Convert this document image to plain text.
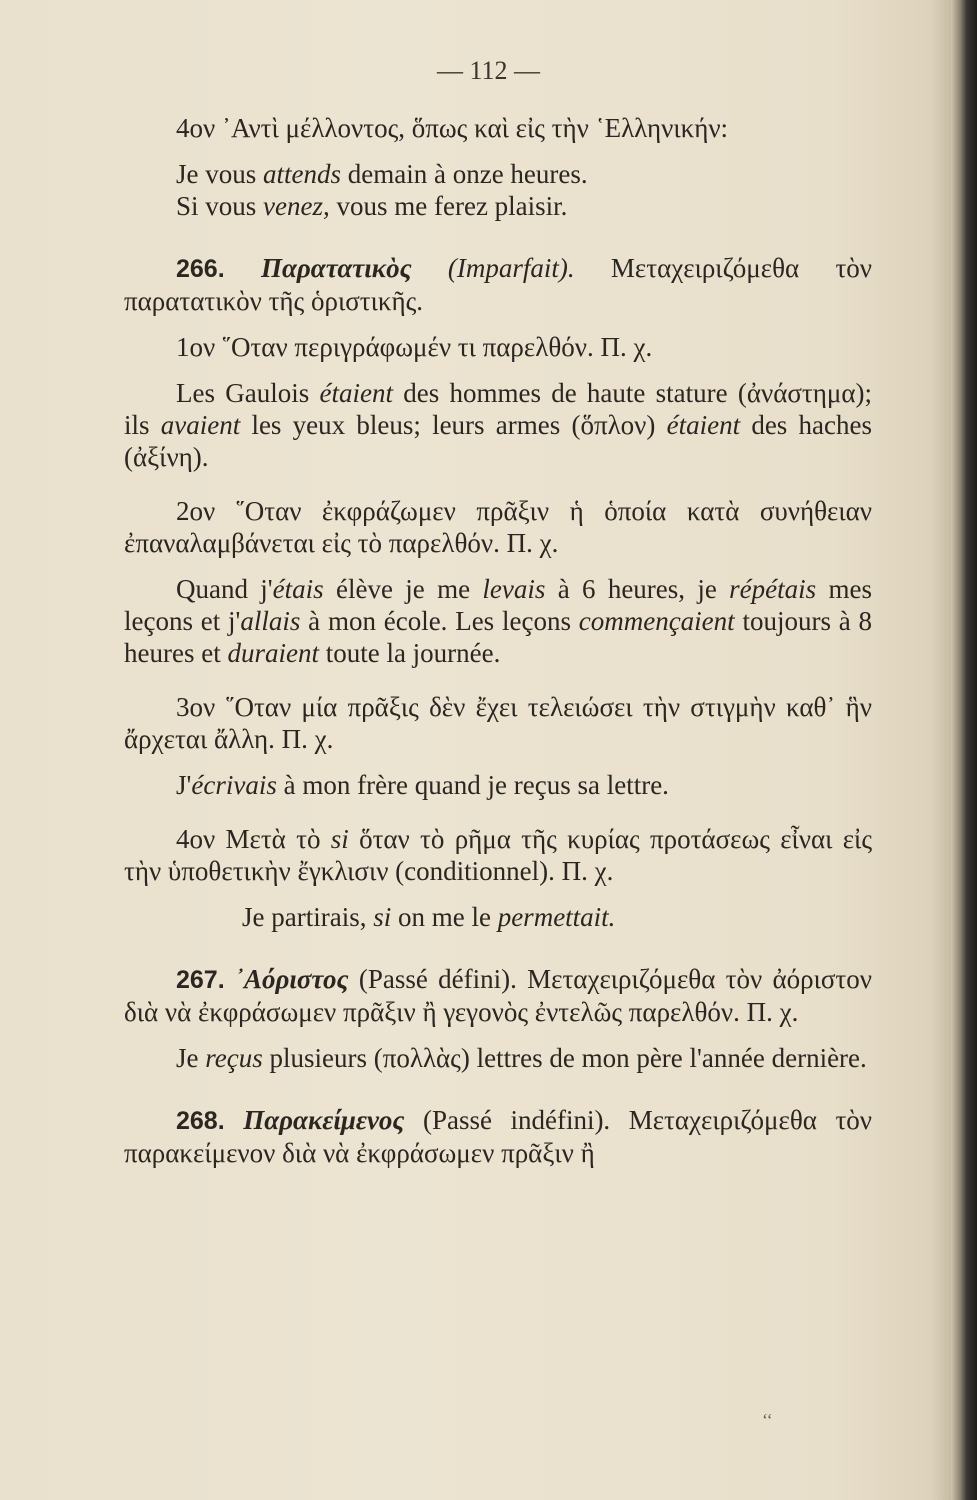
— 112 —

4ον ᾽Αντὶ μέλλοντος, ὅπως καὶ εἰς τὴν ῾Ελληνικήν:

Je vous attends demain à onze heures.

Si vous venez, vous me ferez plaisir.

266. Παρατατικὸς (Imparfait). Μεταχειριζόμεθα τὸν παρατατικὸν τῆς ὁριστικῆς.

1ον ῞Οταν περιγράφωμέν τι παρελθόν. Π. χ.

Les Gaulois étaient des hommes de haute stature (ἀνάστημα); ils avaient les yeux bleus; leurs armes (ὅπλον) étaient des haches (ἀξίνη).

2ον ῞Οταν ἐκφράζωμεν πρᾶξιν ἡ ὁποία κατὰ συνήθειαν ἐπαναλαμβάνεται εἰς τὸ παρελθόν. Π. χ.

Quand j'étais élève je me levais à 6 heures, je répétais mes leçons et j'allais à mon école. Les leçons commençaient toujours à 8 heures et duraient toute la journée.

3ον ῞Οταν μία πρᾶξις δὲν ἔχει τελειώσει τὴν στιγμὴν καθ᾽ ἣν ἄρχεται ἄλλη. Π. χ.

J'écrivais à mon frère quand je reçus sa lettre.

4ον Μετὰ τὸ si ὅταν τὸ ρῆμα τῆς κυρίας προτάσεως εἶναι εἰς τὴν ὑποθετικὴν ἔγκλισιν (conditionnel). Π. χ.

Je partirais, si on me le permettait.

267. ᾽Αόριστος (Passé défini). Μεταχειριζόμεθα τὸν ἀόριστον διὰ νὰ ἐκφράσωμεν πρᾶξιν ἢ γεγονὸς ἐντελῶς παρελθόν. Π. χ.

Je reçus plusieurs (πολλὰς) lettres de mon père l'année dernière.

268. Παρακείμενος (Passé indéfini). Μεταχειριζόμεθα τὸν παρακείμενον διὰ νὰ ἐκφράσωμεν πρᾶξιν ἢ

‘‘
